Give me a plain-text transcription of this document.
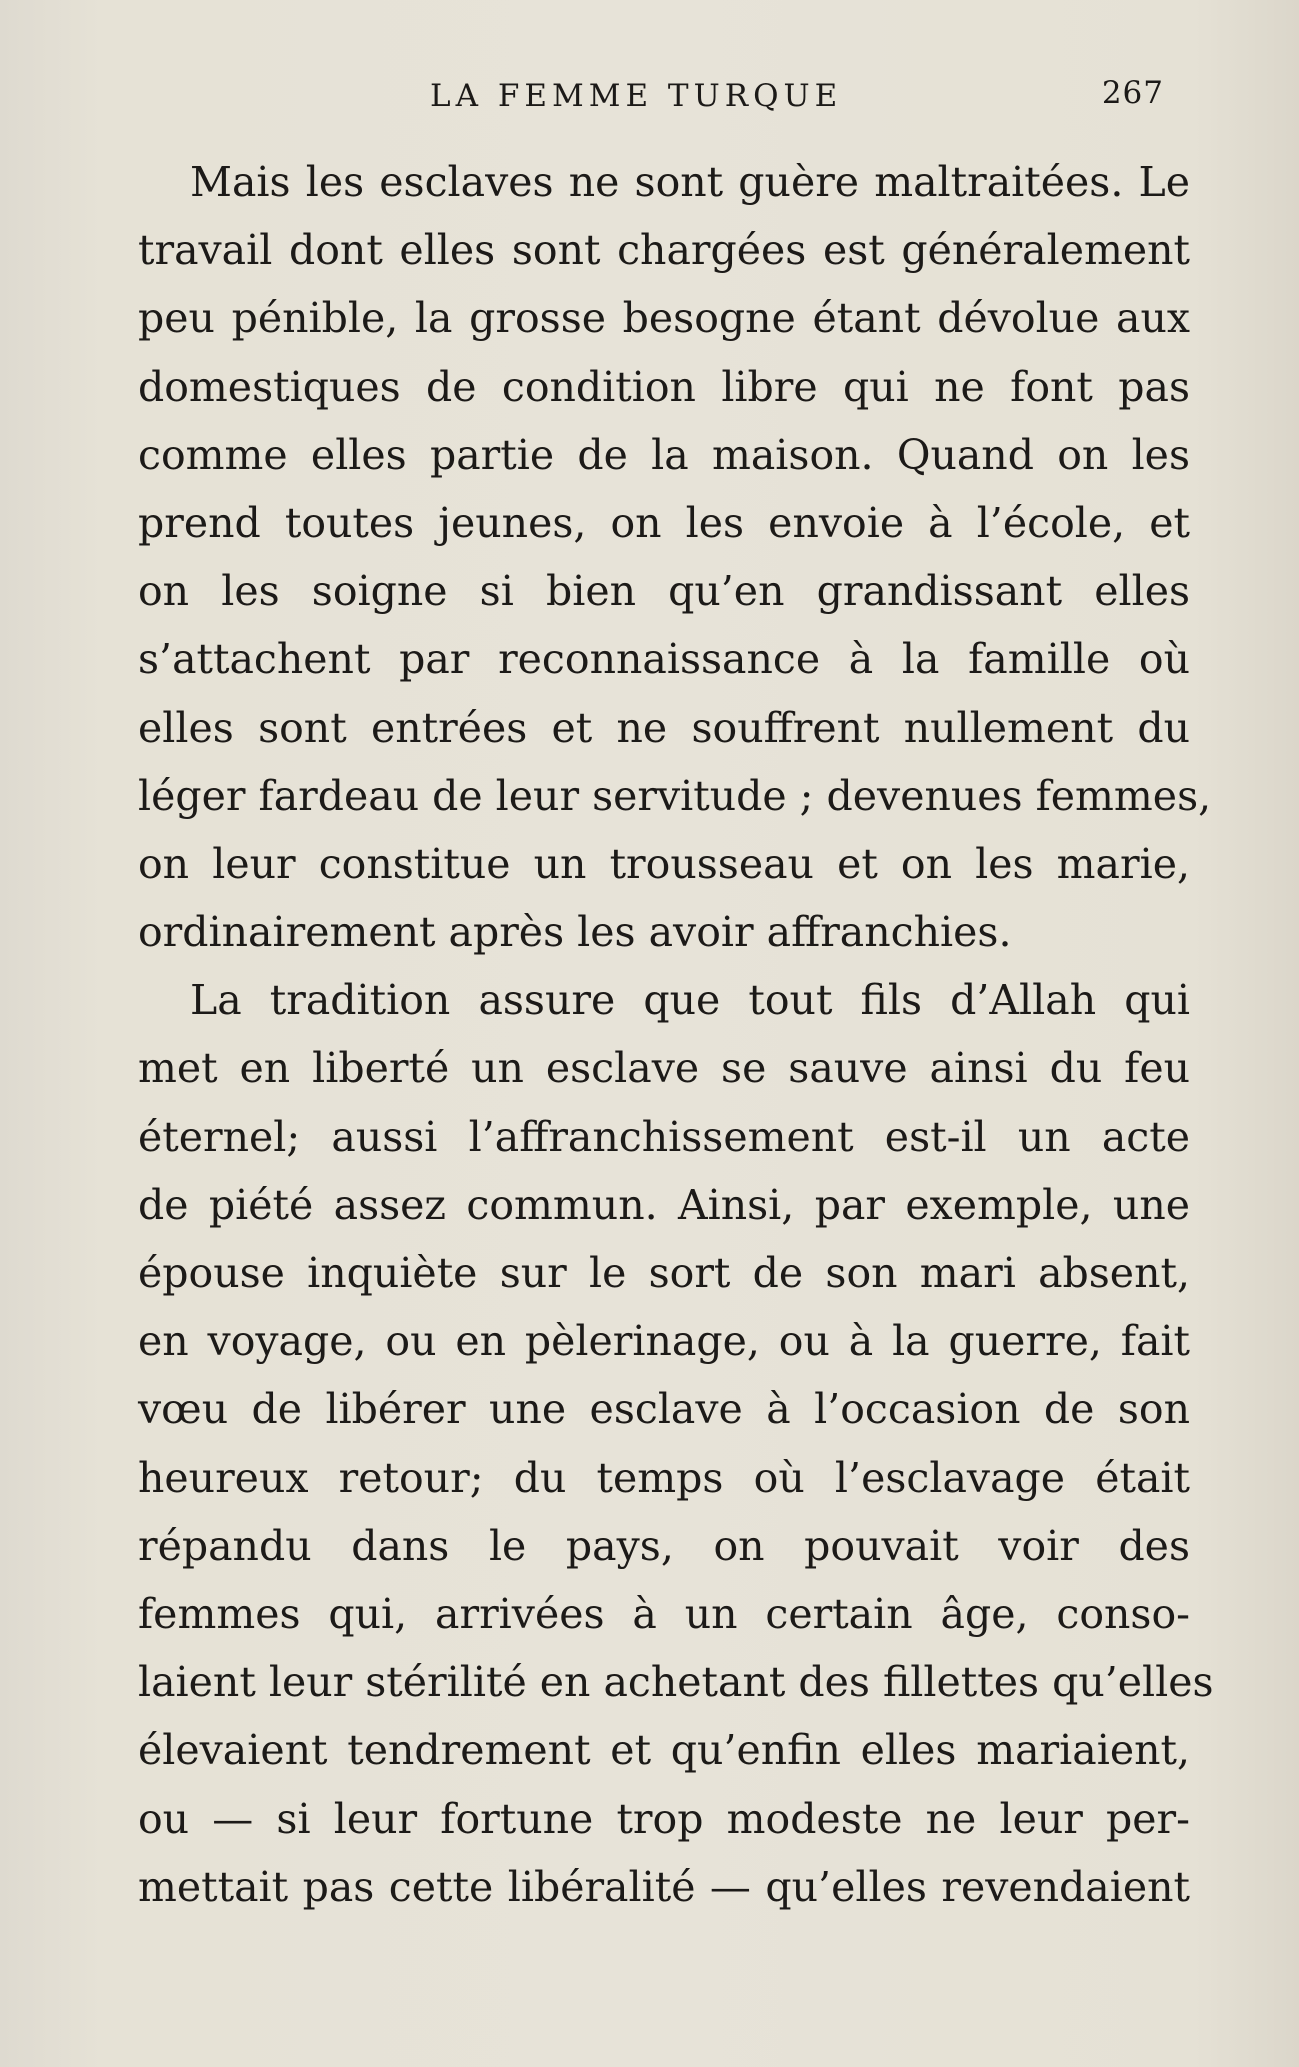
LA FEMME TURQUE	267
Mais les esclaves ne sont guère maltraitées. Le
travail dont elles sont chargées est généralement
peu pénible, la grosse besogne étant dévolue aux
domestiques de condition libre qui ne font pas
comme elles partie de la maison. Quand on les
prend toutes jeunes, on les envoie à l’école, et
on les soigne si bien qu’en grandissant elles
s’attachent par reconnaissance à la famille où
elles sont entrées et ne souffrent nullement du
léger fardeau de leur servitude ; devenues femmes,
on leur constitue un trousseau et on les marie,
ordinairement après les avoir affranchies.
La tradition assure que tout fils d’Allah qui
met en liberté un esclave se sauve ainsi du feu
éternel; aussi l’affranchissement est-il un acte
de piété assez commun. Ainsi, par exemple, une
épouse inquiète sur le sort de son mari absent,
en voyage, ou en pèlerinage, ou à la guerre, fait
vœu de libérer une esclave à l’occasion de son
heureux retour; du temps où l’esclavage était
répandu dans le pays, on pouvait voir des
femmes qui, arrivées à un certain âge, conso-
laient leur stérilité en achetant des fillettes qu’elles
élevaient tendrement et qu’enfin elles mariaient,
ou — si leur fortune trop modeste ne leur per-
mettait pas cette libéralité — qu’elles revendaient
